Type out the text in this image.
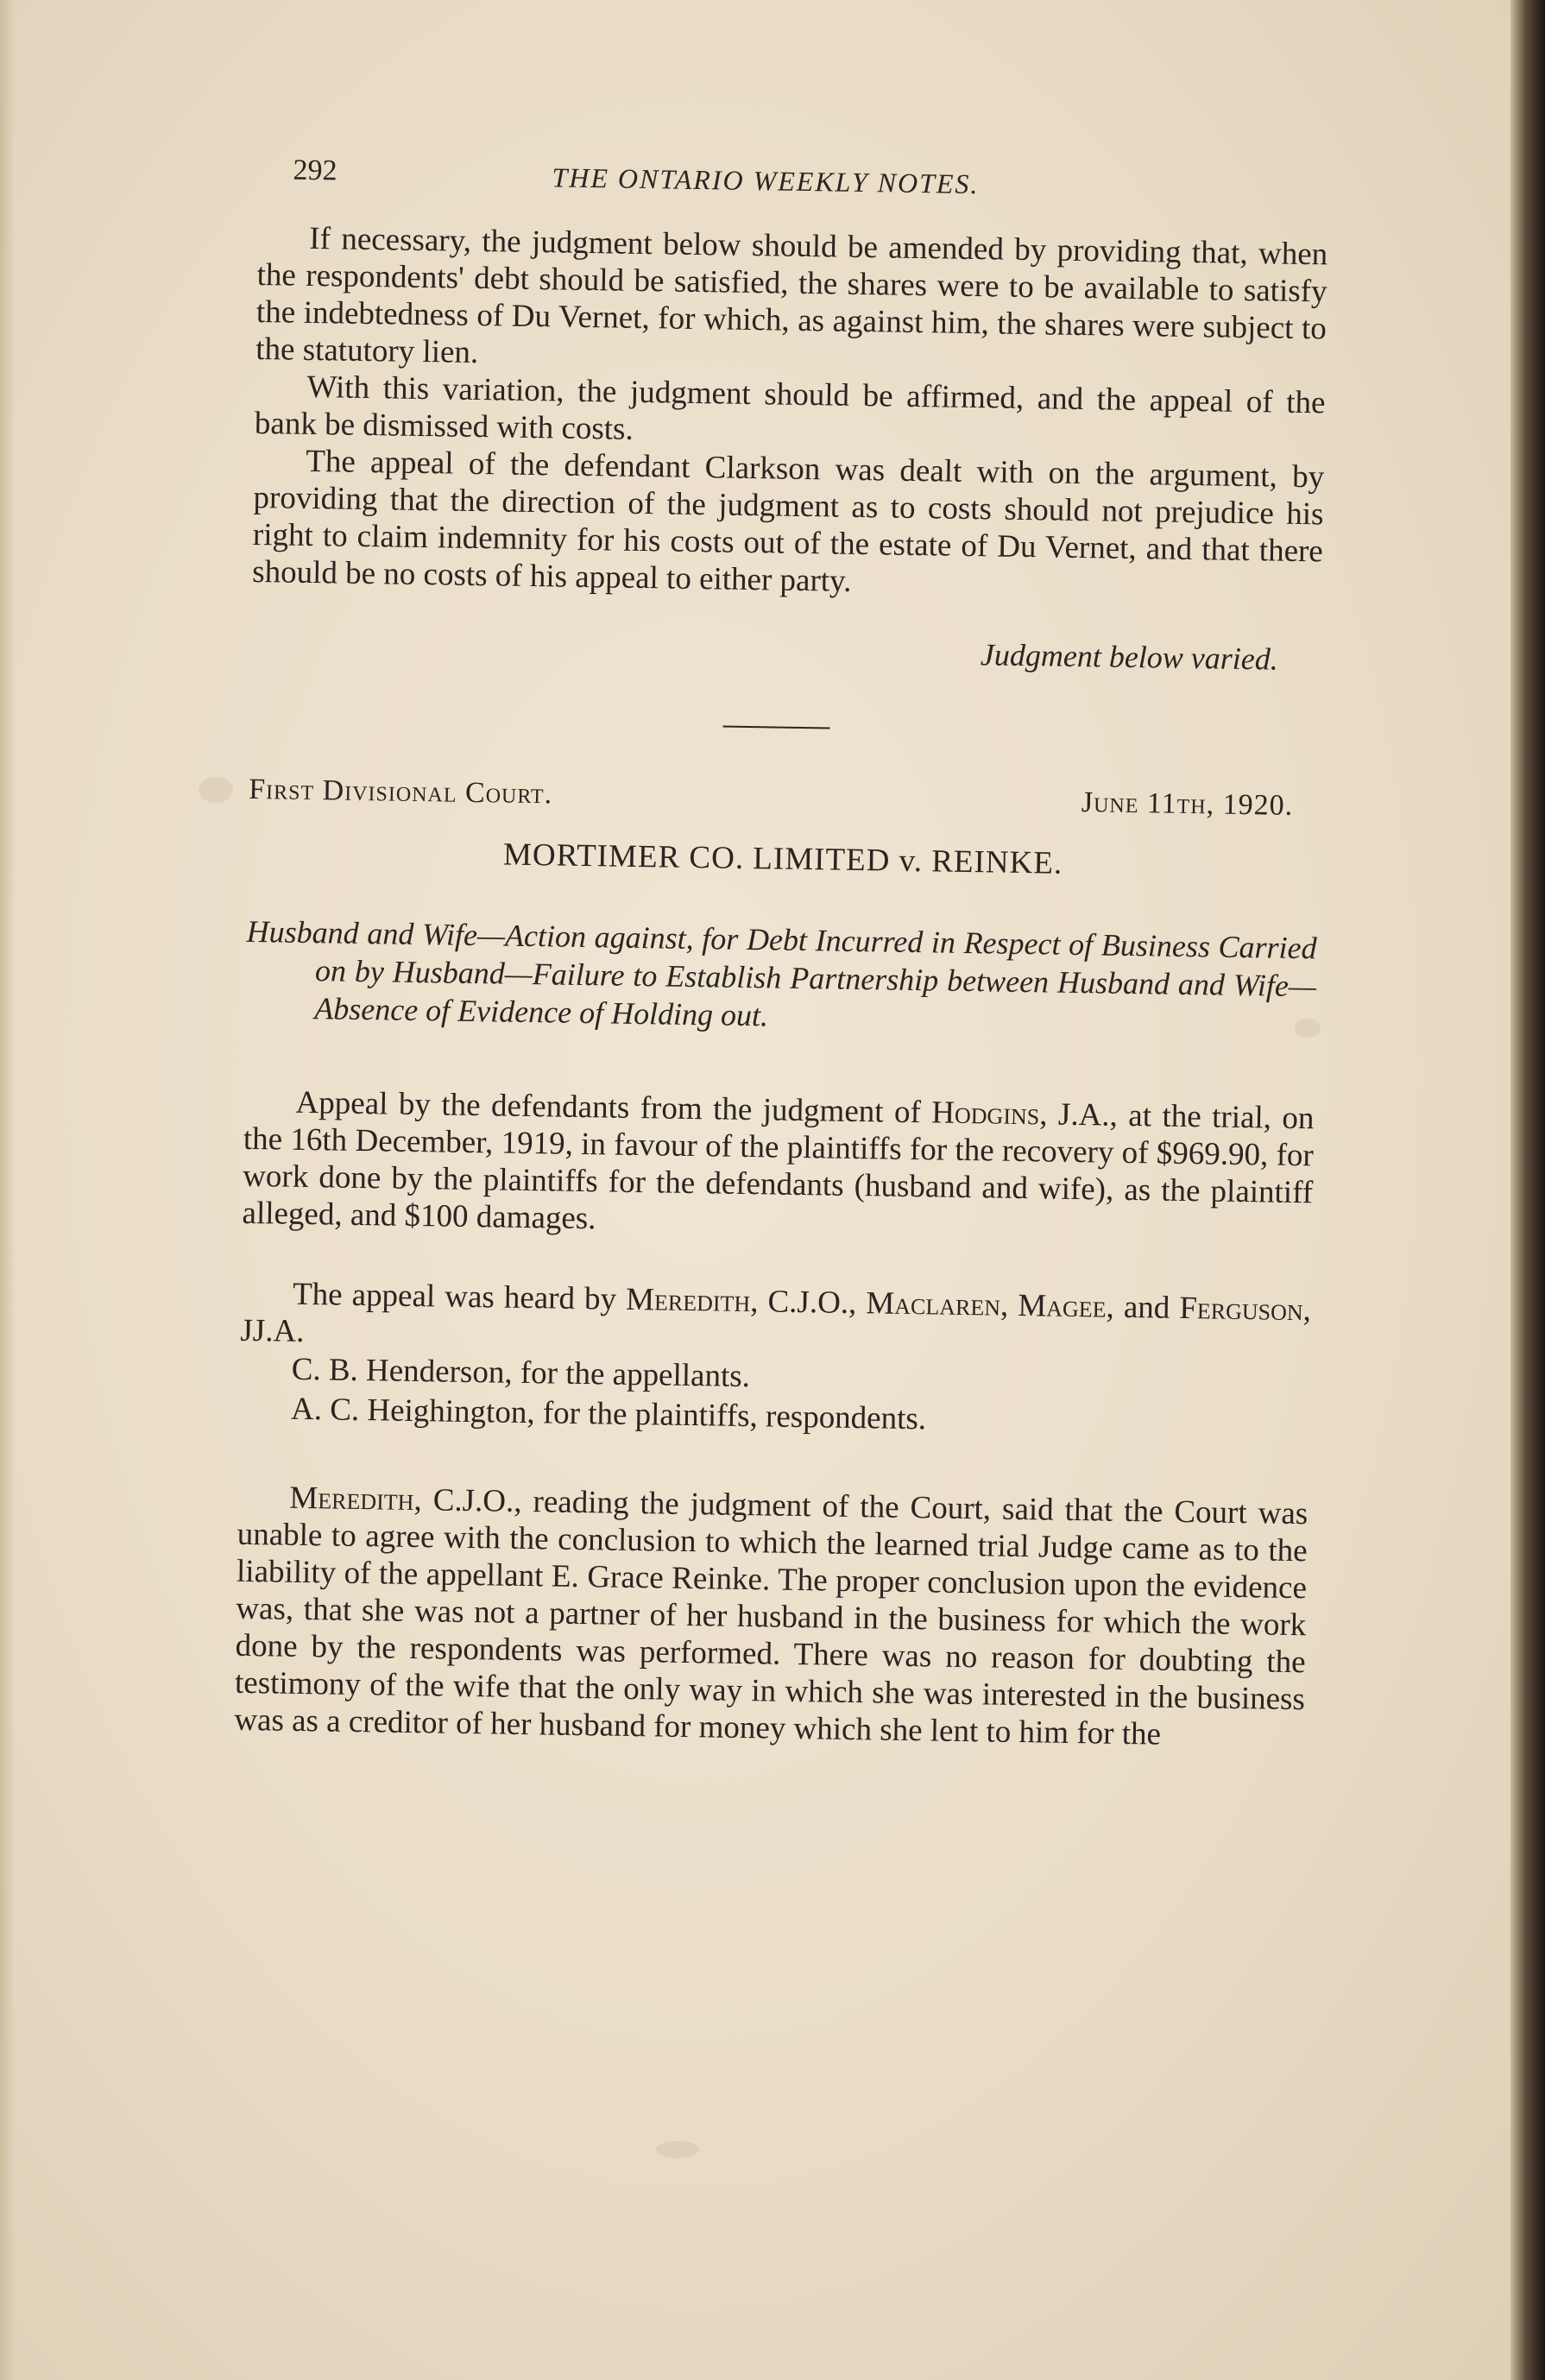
292	THE ONTARIO WEEKLY NOTES.

If necessary, the judgment below should be amended by providing that, when the respondents' debt should be satisfied, the shares were to be available to satisfy the indebtedness of Du Vernet, for which, as against him, the shares were subject to the statutory lien.

With this variation, the judgment should be affirmed, and the appeal of the bank be dismissed with costs.

The appeal of the defendant Clarkson was dealt with on the argument, by providing that the direction of the judgment as to costs should not prejudice his right to claim indemnity for his costs out of the estate of Du Vernet, and that there should be no costs of his appeal to either party.

Judgment below varied.
First Divisional Court.	June 11th, 1920.
MORTIMER CO. LIMITED v. REINKE.
Husband and Wife—Action against, for Debt Incurred in Respect of Business Carried on by Husband—Failure to Establish Partnership between Husband and Wife—Absence of Evidence of Holding out.

Appeal by the defendants from the judgment of Hodgins, J.A., at the trial, on the 16th December, 1919, in favour of the plaintiffs for the recovery of $969.90, for work done by the plaintiffs for the defendants (husband and wife), as the plaintiff alleged, and $100 damages.

The appeal was heard by Meredith, C.J.O., Maclaren, Magee, and Ferguson, JJ.A.

C. B. Henderson, for the appellants.

A. C. Heighington, for the plaintiffs, respondents.

Meredith, C.J.O., reading the judgment of the Court, said that the Court was unable to agree with the conclusion to which the learned trial Judge came as to the liability of the appellant E. Grace Reinke. The proper conclusion upon the evidence was, that she was not a partner of her husband in the business for which the work done by the respondents was performed. There was no reason for doubting the testimony of the wife that the only way in which she was interested in the business was as a creditor of her husband for money which she lent to him for the
